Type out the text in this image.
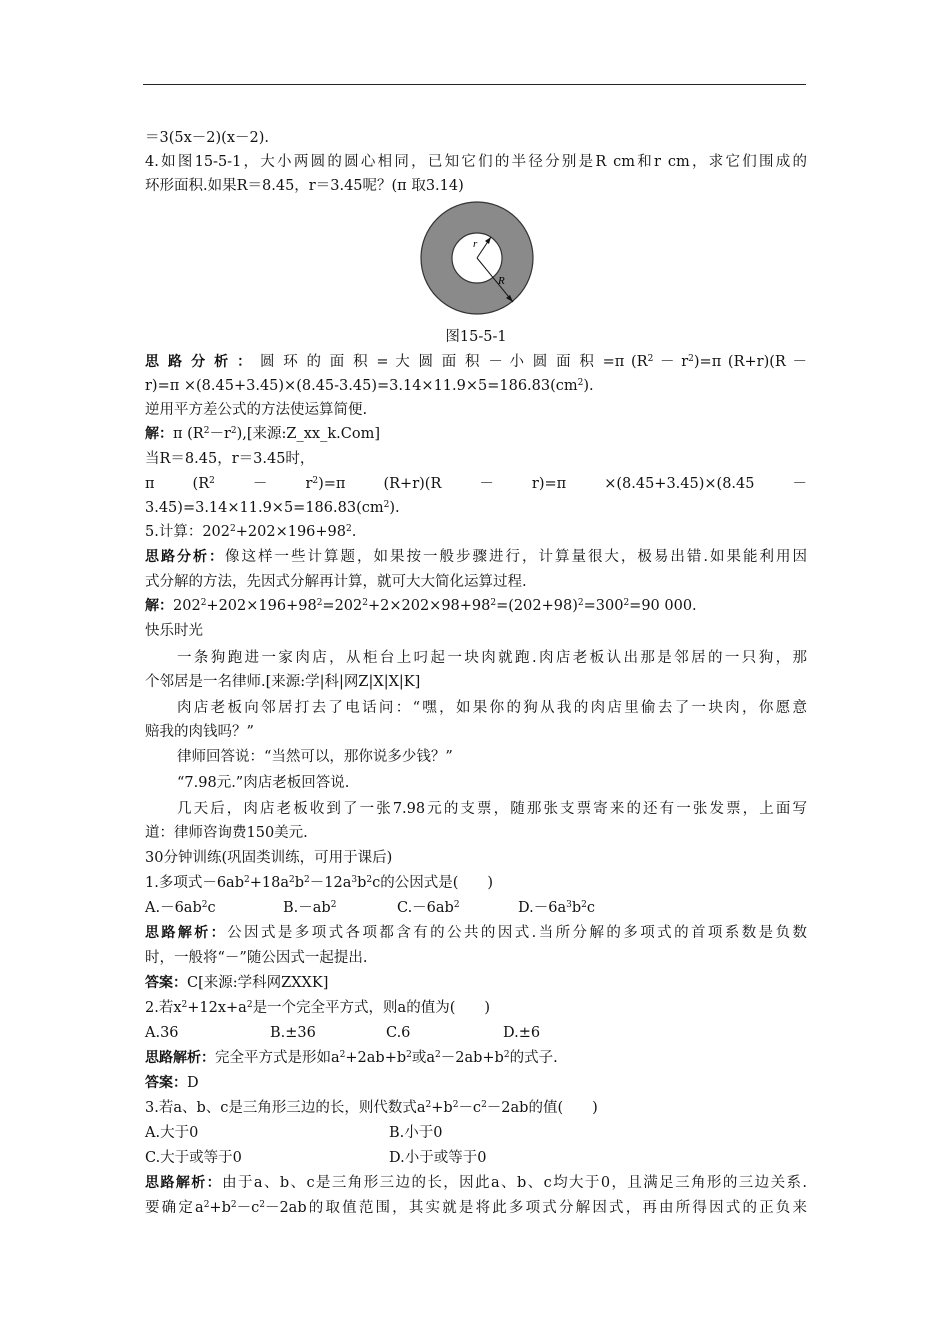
＝3(5x－2)(x－2).
4.如图15-5-1，大小两圆的圆心相同，已知它们的半径分别是R cm和r cm，求它们围成的
环形面积.如果R＝8.45，r＝3.45呢？(π 取3.14)
r
R
图15-5-1
思 路 分 析 ： 圆 环 的 面 积 = 大 圆 面 积 － 小 圆 面 积 =π $(R^2 - r^2)=\pi$ (R+r)(R －
$r)=\pi \times(8.45+3.45)\times(8.45-3.45)=3.14\times 11.9\times 5=186.83(cm^2)$.
逆用平方差公式的方法使运算简便.
解：π $(R^2-r^2)$,[来源:Z_xx_k.Com]
当R＝8.45，r＝3.45时，
π ($R^2$	－	$r^2)=\pi$ (R+r)(R	－	r)=π ×(8.45+3.45)×(8.45	－
$3.45)=3.14\times 11.9\times 5=186.83(cm^2)$.
5.计算：$202^2+202\times 196+98^2$.
思路分析：像这样一些计算题，如果按一般步骤进行，计算量很大，极易出错.如果能利用因
式分解的方法，先因式分解再计算，就可大大简化运算过程.
解：$202^2+202\times 196+98^2=202^2+2\times 202\times 98+98^2=(202+98)^2=300^2=90$ 000.
快乐时光
一条狗跑进一家肉店，从柜台上叼起一块肉就跑.肉店老板认出那是邻居的一只狗，那
个邻居是一名律师.[来源:学|科|网Z|X|X|K]
肉店老板向邻居打去了电话问：“嘿，如果你的狗从我的肉店里偷去了一块肉，你愿意
赔我的肉钱吗？”
律师回答说：“当然可以，那你说多少钱？”
“7.98元.”肉店老板回答说.
几天后，肉店老板收到了一张7.98元的支票，随那张支票寄来的还有一张发票，上面写
道：律师咨询费150美元.
30分钟训练(巩固类训练，可用于课后)
1.多项式$-6ab^2+18a^2b^2-12a^3b^2c$的公因式是(　　)
$A.-6ab^2c$	$B.-ab^2$	$C.-6ab^2$	$D.-6a^3b^2c$
思路解析：公因式是多项式各项都含有的公共的因式.当所分解的多项式的首项系数是负数
时，一般将“－”随公因式一起提出.
答案：C[来源:学科网ZXXK]
2.若$x^2+12x+a^2$是一个完全平方式，则a的值为(　　)
A.36	B.±36	C.6	D.±6
思路解析：完全平方式是形如$a^2+2ab+b^2$或$a^2-2ab+b^2$的式子.
答案：D
3.若a、b、c是三角形三边的长，则代数式$a^2+b^2-c^2-2ab$的值(　　)
A.大于0	B.小于0
C.大于或等于0	D.小于或等于0
思路解析：由于a、b、c是三角形三边的长，因此a、b、c均大于0，且满足三角形的三边关系.
要确定$a^2+b^2-c^2-2ab$的取值范围，其实就是将此多项式分解因式，再由所得因式的正负来
